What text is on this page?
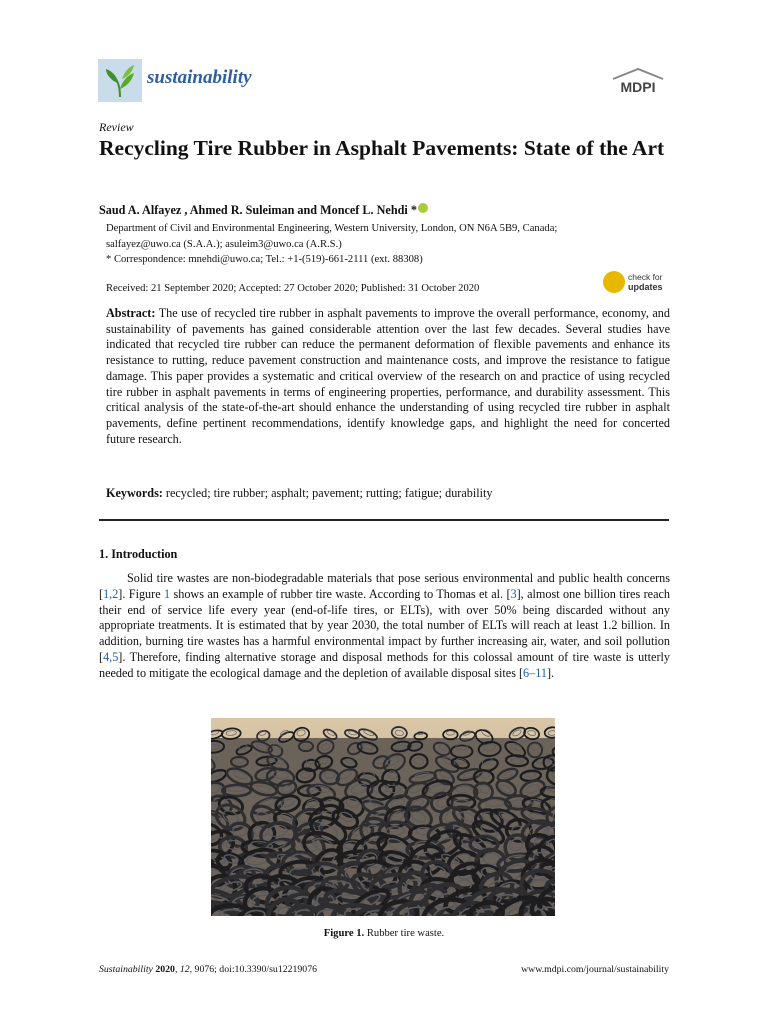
sustainability	MDPI
Review
Recycling Tire Rubber in Asphalt Pavements: State of the Art
Saud A. Alfayez , Ahmed R. Suleiman and Moncef L. Nehdi *
Department of Civil and Environmental Engineering, Western University, London, ON N6A 5B9, Canada;
salfayez@uwo.ca (S.A.A.); asuleim3@uwo.ca (A.R.S.)
* Correspondence: mnehdi@uwo.ca; Tel.: +1-(519)-661-2111 (ext. 88308)
Received: 21 September 2020; Accepted: 27 October 2020; Published: 31 October 2020
check for
updates
Abstract: The use of recycled tire rubber in asphalt pavements to improve the overall performance, economy, and sustainability of pavements has gained considerable attention over the last few decades. Several studies have indicated that recycled tire rubber can reduce the permanent deformation of flexible pavements and enhance its resistance to rutting, reduce pavement construction and maintenance costs, and improve the resistance to fatigue damage. This paper provides a systematic and critical overview of the research on and practice of using recycled tire rubber in asphalt pavements in terms of engineering properties, performance, and durability assessment. This critical analysis of the state-of-the-art should enhance the understanding of using recycled tire rubber in asphalt pavements, define pertinent recommendations, identify knowledge gaps, and highlight the need for concerted future research.
Keywords: recycled; tire rubber; asphalt; pavement; rutting; fatigue; durability
1. Introduction
Solid tire wastes are non-biodegradable materials that pose serious environmental and public health concerns [1,2]. Figure 1 shows an example of rubber tire waste. According to Thomas et al. [3], almost one billion tires reach their end of service life every year (end-of-life tires, or ELTs), with over 50% being discarded without any appropriate treatments. It is estimated that by year 2030, the total number of ELTs will reach at least 1.2 billion. In addition, burning tire wastes has a harmful environmental impact by further increasing air, water, and soil pollution [4,5]. Therefore, finding alternative storage and disposal methods for this colossal amount of tire waste is utterly needed to mitigate the ecological damage and the depletion of available disposal sites [6–11].
Figure 1. Rubber tire waste.
Sustainability 2020, 12, 9076; doi:10.3390/su12219076	www.mdpi.com/journal/sustainability
